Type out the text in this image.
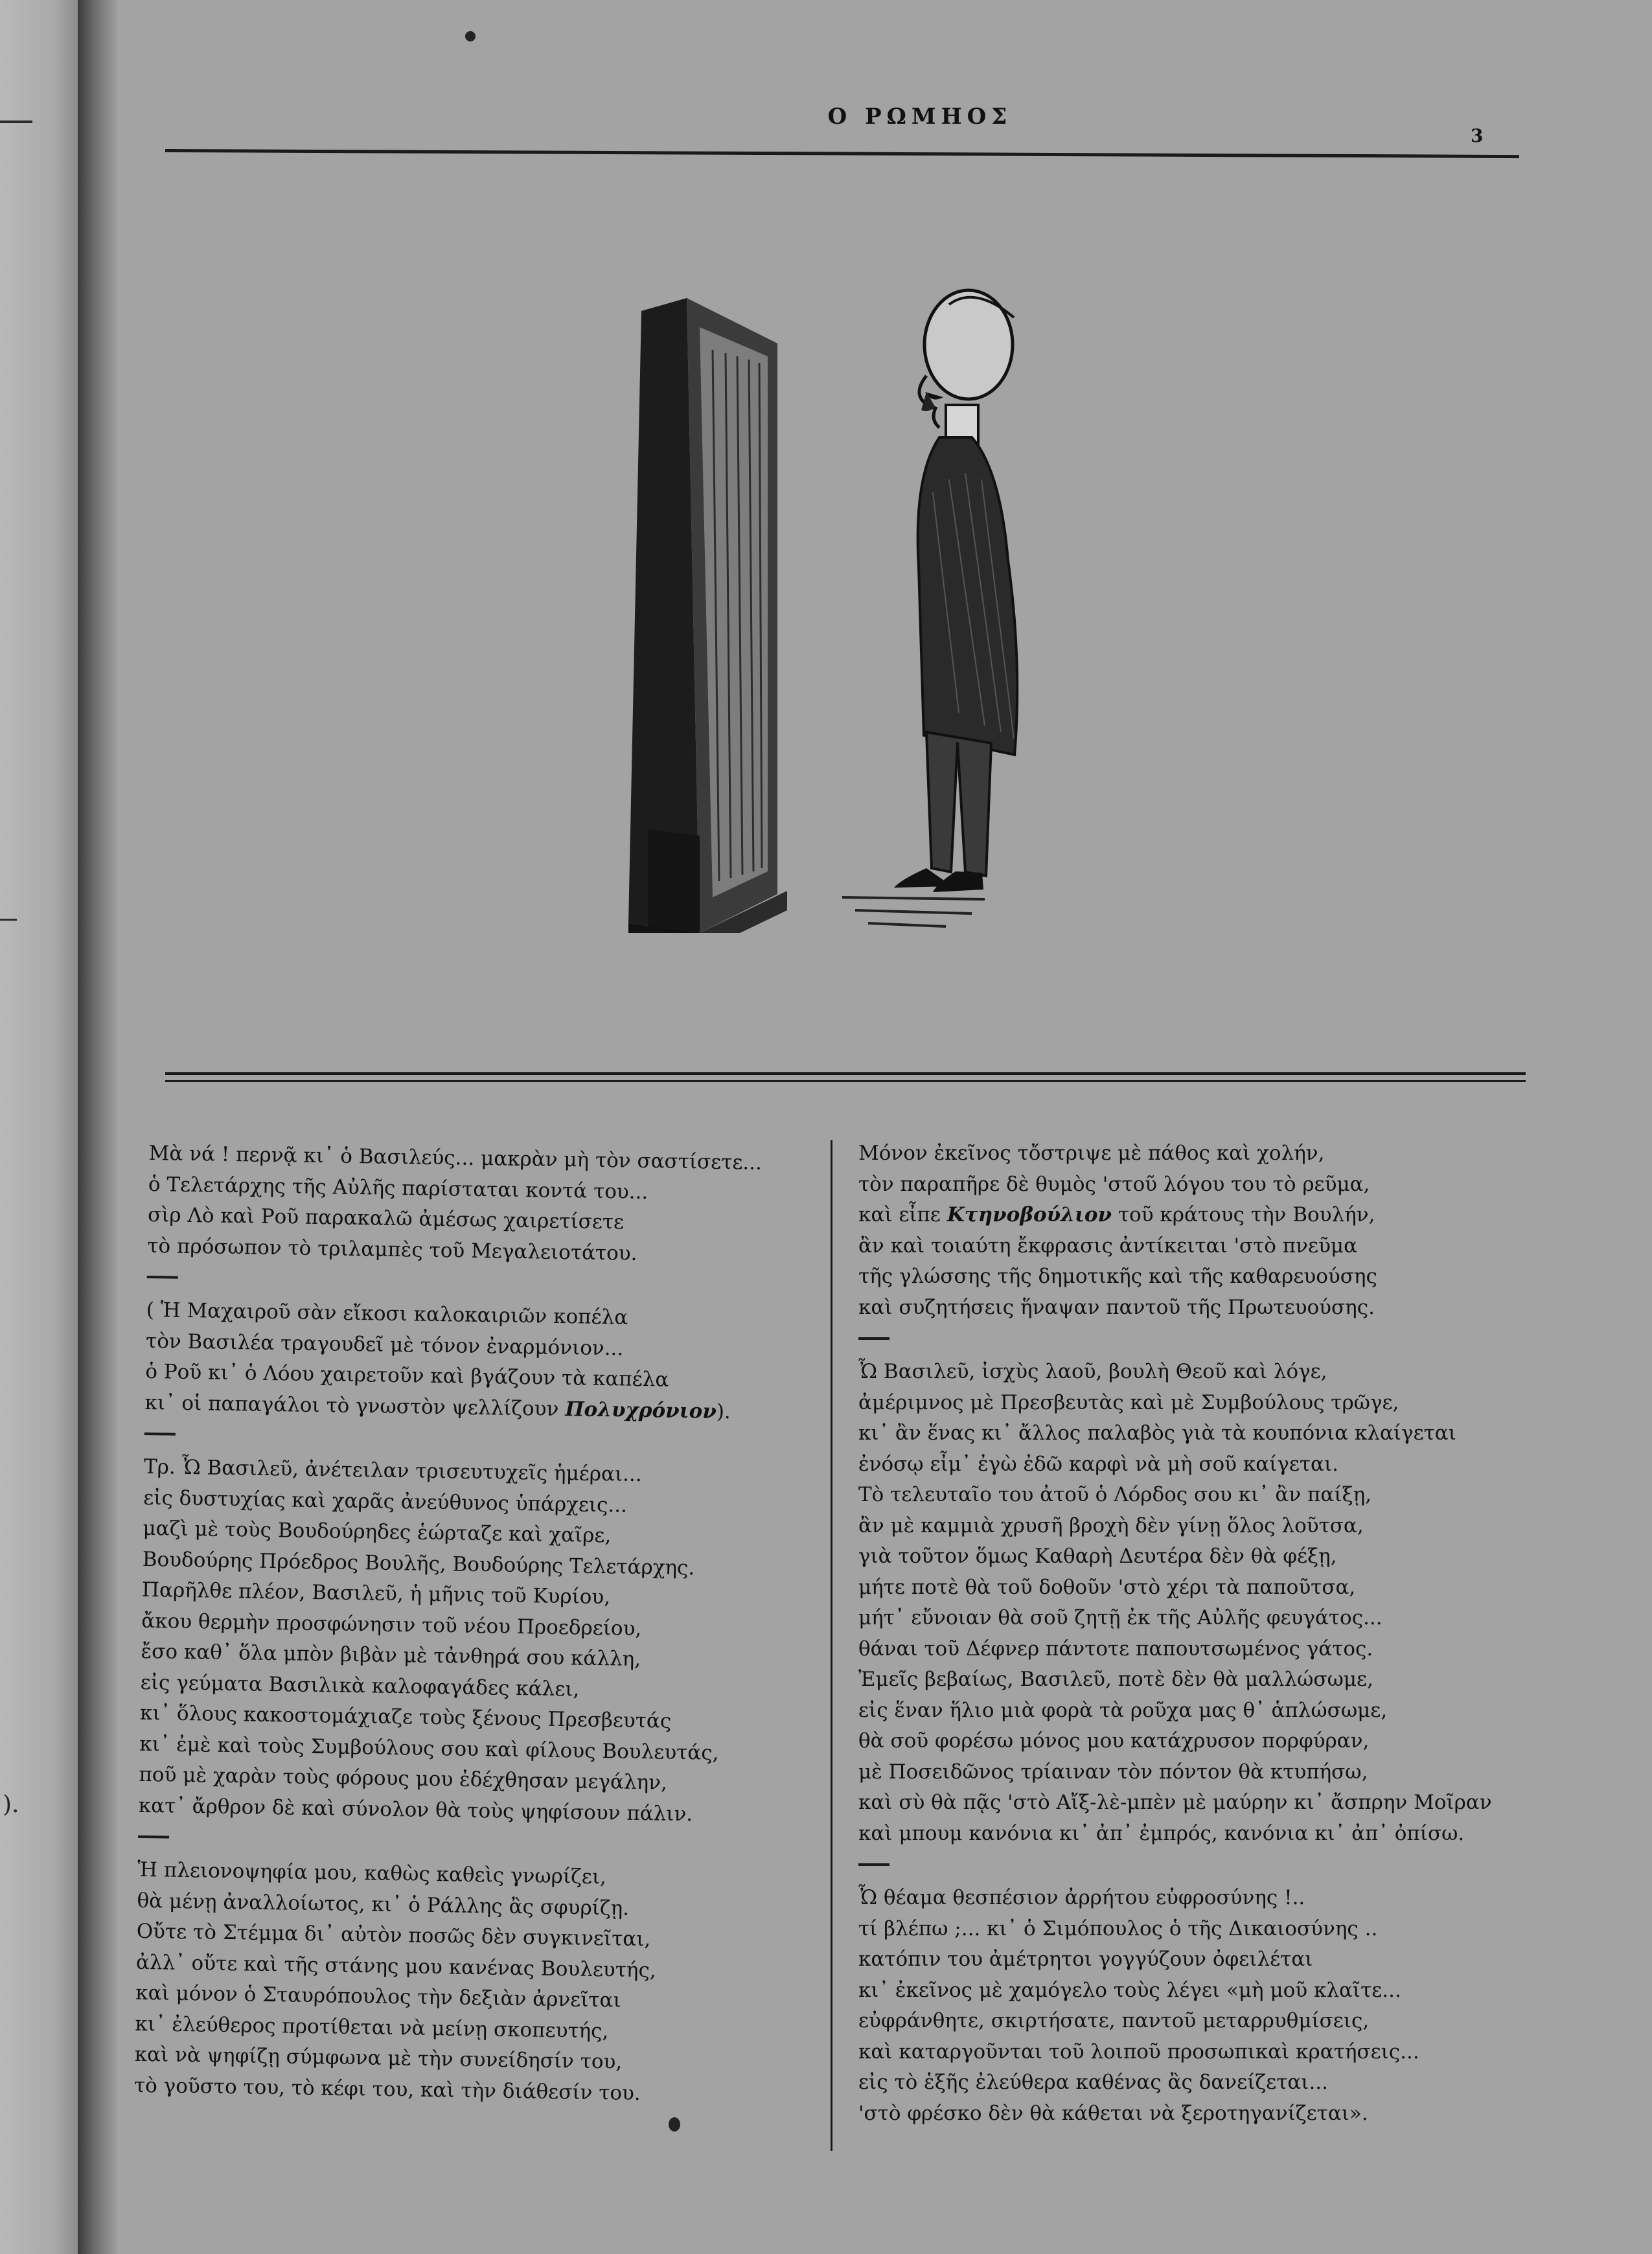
).
Ο ΡΩΜΗΟΣ
3
Μὰ νά ! περνᾷ κι᾽ ὁ Βασιλεύς... μακρὰν μὴ τὸν σαστίσετε...
ὁ Τελετάρχης τῆς Αὐλῆς παρίσταται κοντά του...
σὶρ Λὸ καὶ Ροῦ παρακαλῶ ἀμέσως χαιρετίσετε
τὸ πρόσωπον τὸ τριλαμπὲς τοῦ Μεγαλειοτάτου.
( Ἡ Μαχαιροῦ σὰν εἴκοσι καλοκαιριῶν κοπέλα
τὸν Βασιλέα τραγουδεῖ μὲ τόνον ἐναρμόνιον...
ὁ Ροῦ κι᾽ ὁ Λόου χαιρετοῦν καὶ βγάζουν τὰ καπέλα
κι᾽ οἱ παπαγάλοι τὸ γνωστὸν ψελλίζουν Πολυχρόνιον).
Τρ. Ὦ Βασιλεῦ, ἀνέτειλαν τρισευτυχεῖς ἡμέραι...
εἰς δυστυχίας καὶ χαρᾶς ἀνεύθυνος ὑπάρχεις...
μαζὶ μὲ τοὺς Βουδούρηδες ἑώρταζε καὶ χαῖρε,
Βουδούρης Πρόεδρος Βουλῆς, Βουδούρης Τελετάρχης.
Παρῆλθε πλέον, Βασιλεῦ, ἡ μῆνις τοῦ Κυρίου,
ἄκου θερμὴν προσφώνησιν τοῦ νέου Προεδρείου,
ἔσο καθ᾽ ὅλα μπὸν βιβὰν μὲ τἀνθηρά σου κάλλη,
εἰς γεύματα Βασιλικὰ καλοφαγάδες κάλει,
κι᾽ ὅλους κακοστομάχιαζε τοὺς ξένους Πρεσβευτάς
κι᾽ ἐμὲ καὶ τοὺς Συμβούλους σου καὶ φίλους Βουλευτάς,
ποῦ μὲ χαρὰν τοὺς φόρους μου ἐδέχθησαν μεγάλην,
κατ᾽ ἄρθρον δὲ καὶ σύνολον θὰ τοὺς ψηφίσουν πάλιν.
Ἡ πλειονοψηφία μου, καθὼς καθεὶς γνωρίζει,
θὰ μένῃ ἀναλλοίωτος, κι᾽ ὁ Ράλλης ἂς σφυρίζῃ.
Οὔτε τὸ Στέμμα δι᾽ αὐτὸν ποσῶς δὲν συγκινεῖται,
ἀλλ᾽ οὔτε καὶ τῆς στάνης μου κανένας Βουλευτής,
καὶ μόνον ὁ Σταυρόπουλος τὴν δεξιὰν ἀρνεῖται
κι᾽ ἐλεύθερος προτίθεται νὰ μείνῃ σκοπευτής,
καὶ νὰ ψηφίζῃ σύμφωνα μὲ τὴν συνείδησίν του,
τὸ γοῦστο του, τὸ κέφι του, καὶ τὴν διάθεσίν του.
Μόνον ἐκεῖνος τὄστριψε μὲ πάθος καὶ χολήν,
τὸν παραπῆρε δὲ θυμὸς 'στοῦ λόγου του τὸ ρεῦμα,
καὶ εἶπε Κτηνοβούλιον τοῦ κράτους τὴν Βουλήν,
ἂν καὶ τοιαύτη ἔκφρασις ἀντίκειται 'στὸ πνεῦμα
τῆς γλώσσης τῆς δημοτικῆς καὶ τῆς καθαρευούσης
καὶ συζητήσεις ἥναψαν παντοῦ τῆς Πρωτευούσης.
Ὦ Βασιλεῦ, ἰσχὺς λαοῦ, βουλὴ Θεοῦ καὶ λόγε,
ἀμέριμνος μὲ Πρεσβευτὰς καὶ μὲ Συμβούλους τρῶγε,
κι᾽ ἂν ἕνας κι᾽ ἄλλος παλαβὸς γιὰ τὰ κουπόνια κλαίγεται
ἐνόσῳ εἶμ᾽ ἐγὼ ἐδῶ καρφὶ νὰ μὴ σοῦ καίγεται.
Τὸ τελευταῖο του ἀτοῦ ὁ Λόρδος σου κι᾽ ἂν παίξῃ,
ἂν μὲ καμμιὰ χρυσῆ βροχὴ δὲν γίνῃ ὅλος λοῦτσα,
γιὰ τοῦτον ὅμως Καθαρὴ Δευτέρα δὲν θὰ φέξῃ,
μήτε ποτὲ θὰ τοῦ δοθοῦν 'στὸ χέρι τὰ παποῦτσα,
μήτ᾽ εὔνοιαν θὰ σοῦ ζητῇ ἐκ τῆς Αὐλῆς φευγάτος...
θάναι τοῦ Δέφνερ πάντοτε παπουτσωμένος γάτος.
Ἐμεῖς βεβαίως, Βασιλεῦ, ποτὲ δὲν θὰ μαλλώσωμε,
εἰς ἕναν ἥλιο μιὰ φορὰ τὰ ροῦχα μας θ᾽ ἁπλώσωμε,
θὰ σοῦ φορέσω μόνος μου κατάχρυσον πορφύραν,
μὲ Ποσειδῶνος τρίαιναν τὸν πόντον θὰ κτυπήσω,
καὶ σὺ θὰ πᾷς 'στὸ Αἴξ-λὲ-μπὲν μὲ μαύρην κι᾽ ἄσπρην Μοῖραν
καὶ μπουμ κανόνια κι᾽ ἀπ᾽ ἐμπρός, κανόνια κι᾽ ἀπ᾽ ὀπίσω.
Ὦ θέαμα θεσπέσιον ἀρρήτου εὐφροσύνης !..
τί βλέπω ;... κι᾽ ὁ Σιμόπουλος ὁ τῆς Δικαιοσύνης ..
κατόπιν του ἀμέτρητοι γογγύζουν ὀφειλέται
κι᾽ ἐκεῖνος μὲ χαμόγελο τοὺς λέγει «μὴ μοῦ κλαῖτε...
εὐφράνθητε, σκιρτήσατε, παντοῦ μεταρρυθμίσεις,
καὶ καταργοῦνται τοῦ λοιποῦ προσωπικαὶ κρατήσεις...
εἰς τὸ ἑξῆς ἐλεύθερα καθένας ἂς δανείζεται...
'στὸ φρέσκο δὲν θὰ κάθεται νὰ ξεροτηγανίζεται».
